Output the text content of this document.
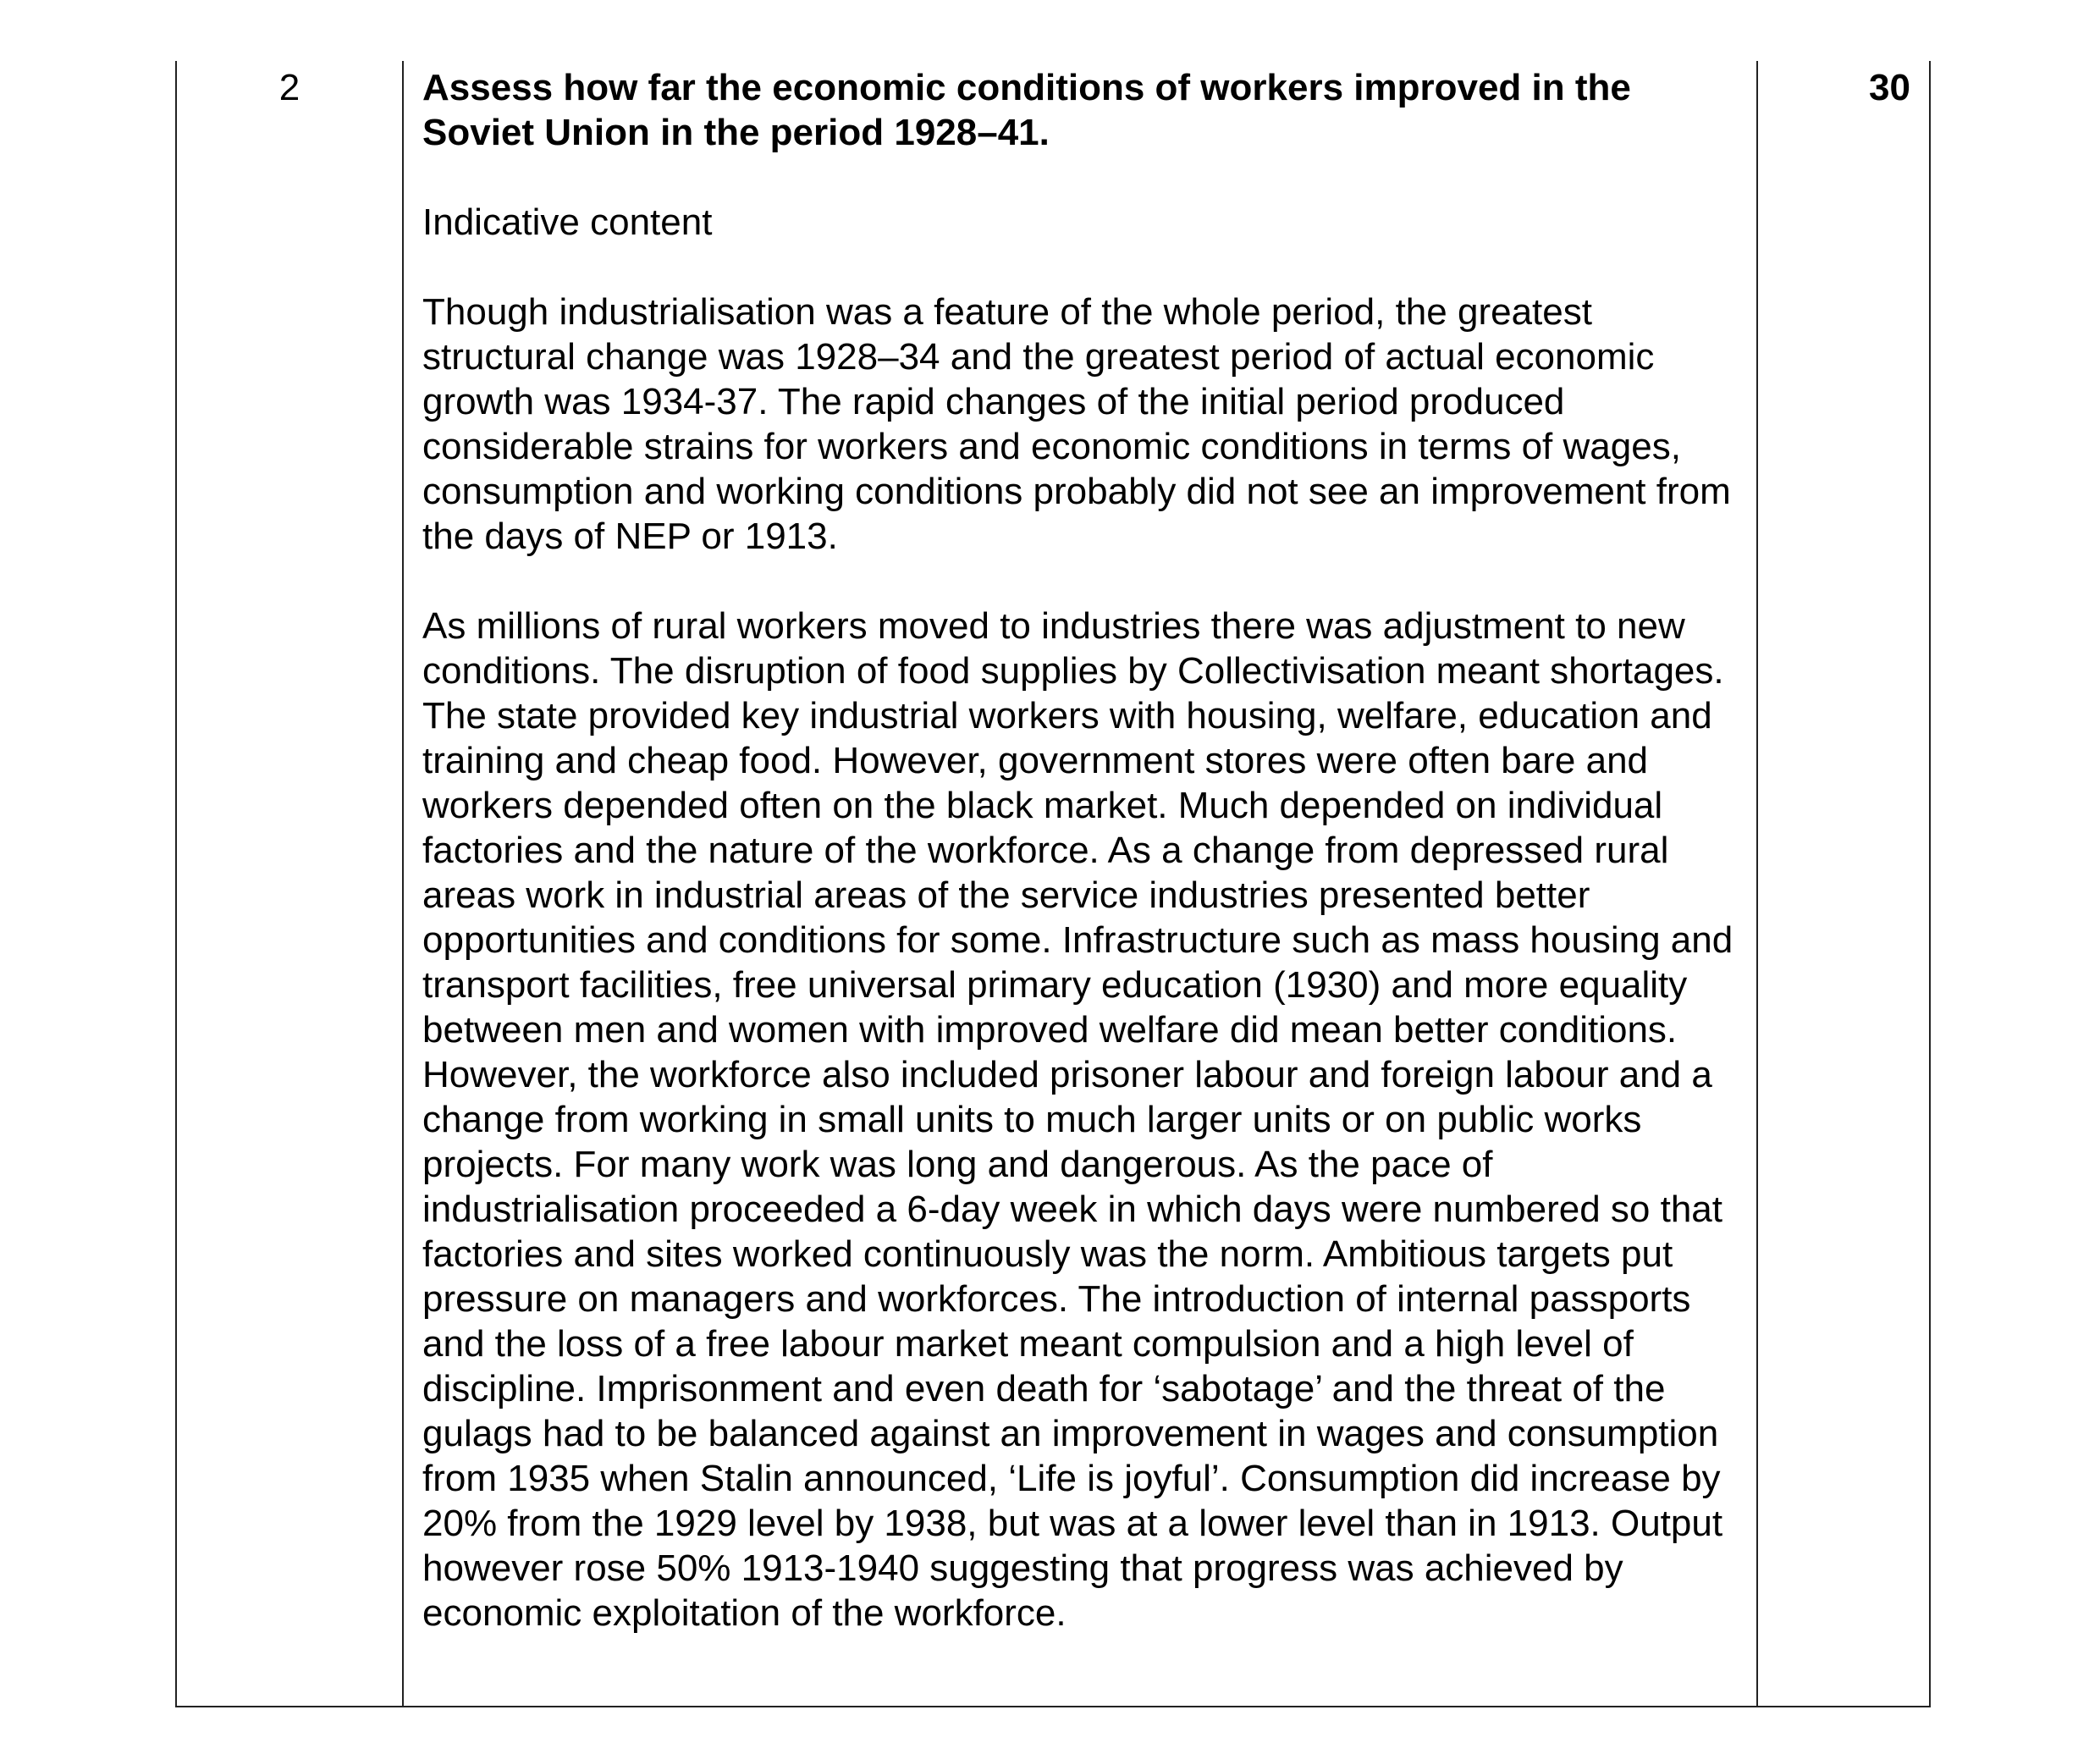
2	Assess how far the economic conditions of workers improved in the Soviet Union in the period 1928–41.

Indicative content

Though industrialisation was a feature of the whole period, the greatest structural change was 1928–34 and the greatest period of actual economic growth was 1934-37. The rapid changes of the initial period produced considerable strains for workers and economic conditions in terms of wages, consumption and working conditions probably did not see an improvement from the days of NEP or 1913.

As millions of rural workers moved to industries there was adjustment to new conditions. The disruption of food supplies by Collectivisation meant shortages. The state provided key industrial workers with housing, welfare, education and training and cheap food. However, government stores were often bare and workers depended often on the black market. Much depended on individual factories and the nature of the workforce. As a change from depressed rural areas work in industrial areas of the service industries presented better opportunities and conditions for some. Infrastructure such as mass housing and transport facilities, free universal primary education (1930) and more equality between men and women with improved welfare did mean better conditions. However, the workforce also included prisoner labour and foreign labour and a change from working in small units to much larger units or on public works projects. For many work was long and dangerous. As the pace of industrialisation proceeded a 6-day week in which days were numbered so that factories and sites worked continuously was the norm. Ambitious targets put pressure on managers and workforces. The introduction of internal passports and the loss of a free labour market meant compulsion and a high level of discipline. Imprisonment and even death for ‘sabotage’ and the threat of the gulags had to be balanced against an improvement in wages and consumption from 1935 when Stalin announced, ‘Life is joyful’. Consumption did increase by 20% from the 1929 level by 1938, but was at a lower level than in 1913. Output however rose 50% 1913-1940 suggesting that progress was achieved by economic exploitation of the workforce.

30
